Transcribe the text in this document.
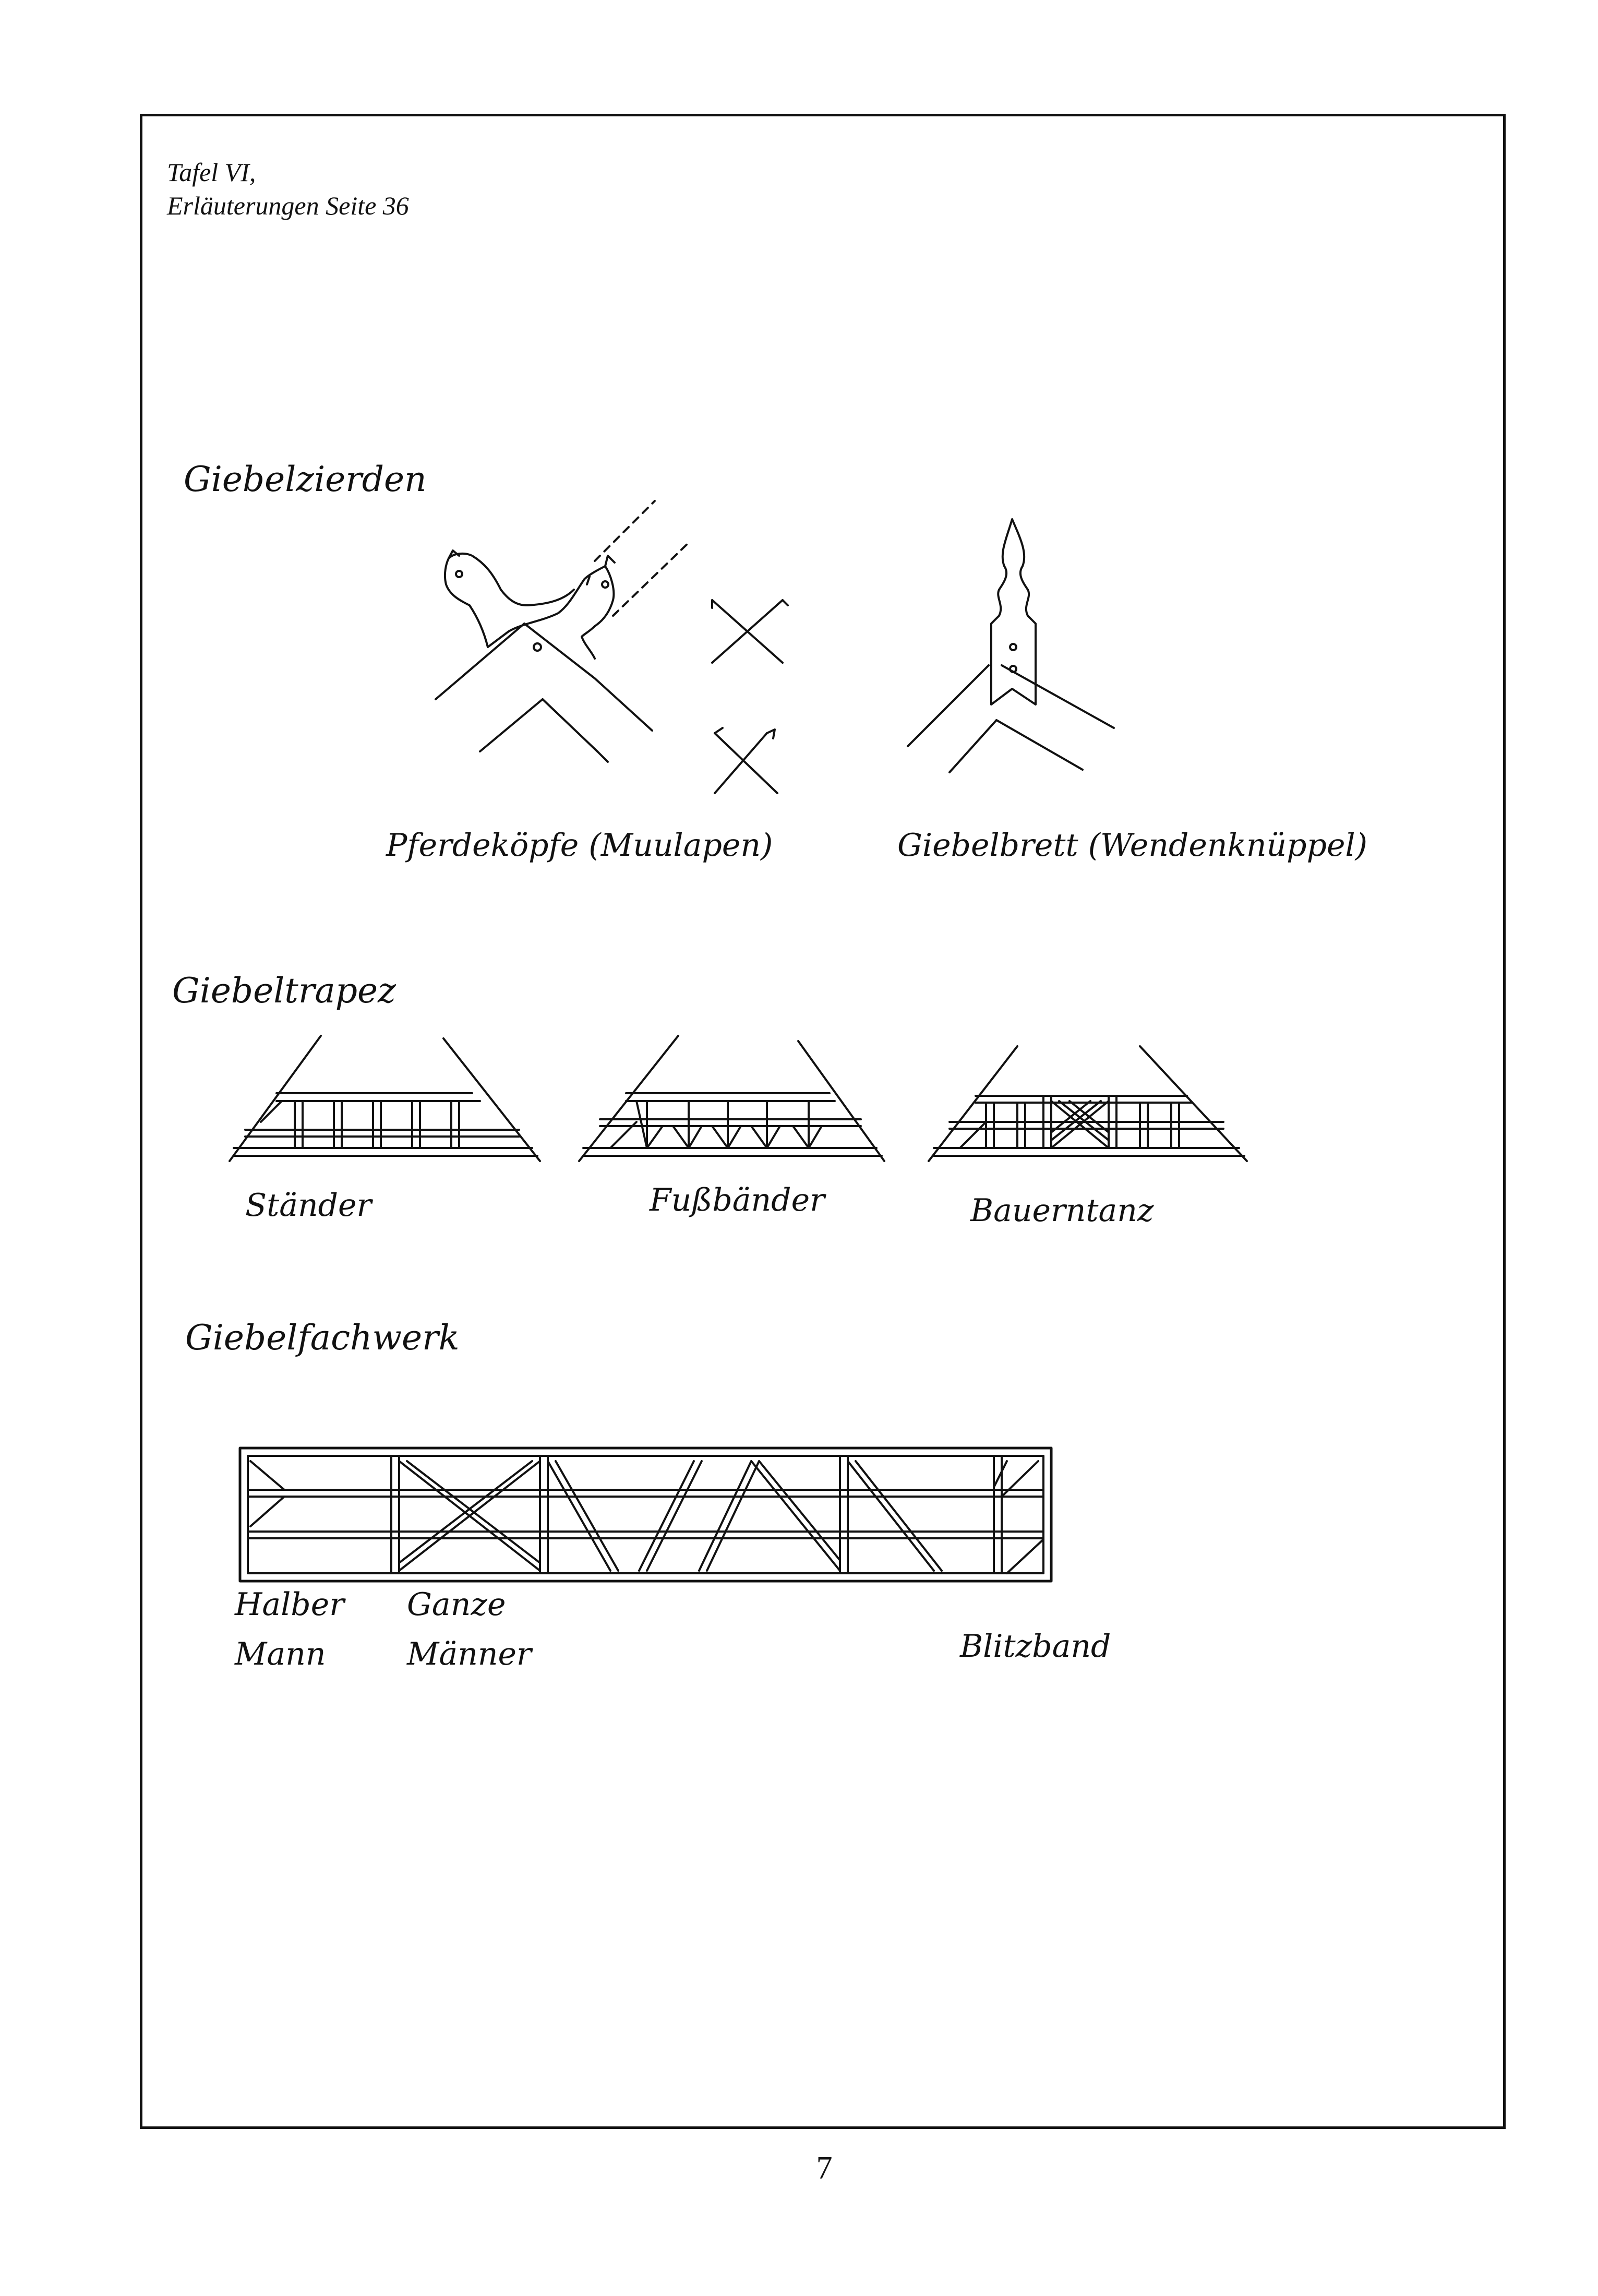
Tafel VI,
Erläuterungen Seite 36
Giebelzierden
Pferdeköpfe (Muulapen)	Giebelbrett (Wendenknüppel)
Giebeltrapez
Ständer	Fußbänder	Bauerntanz
Giebelfachwerk
Halber
Mann
Ganze
Männer	Blitzband
7
